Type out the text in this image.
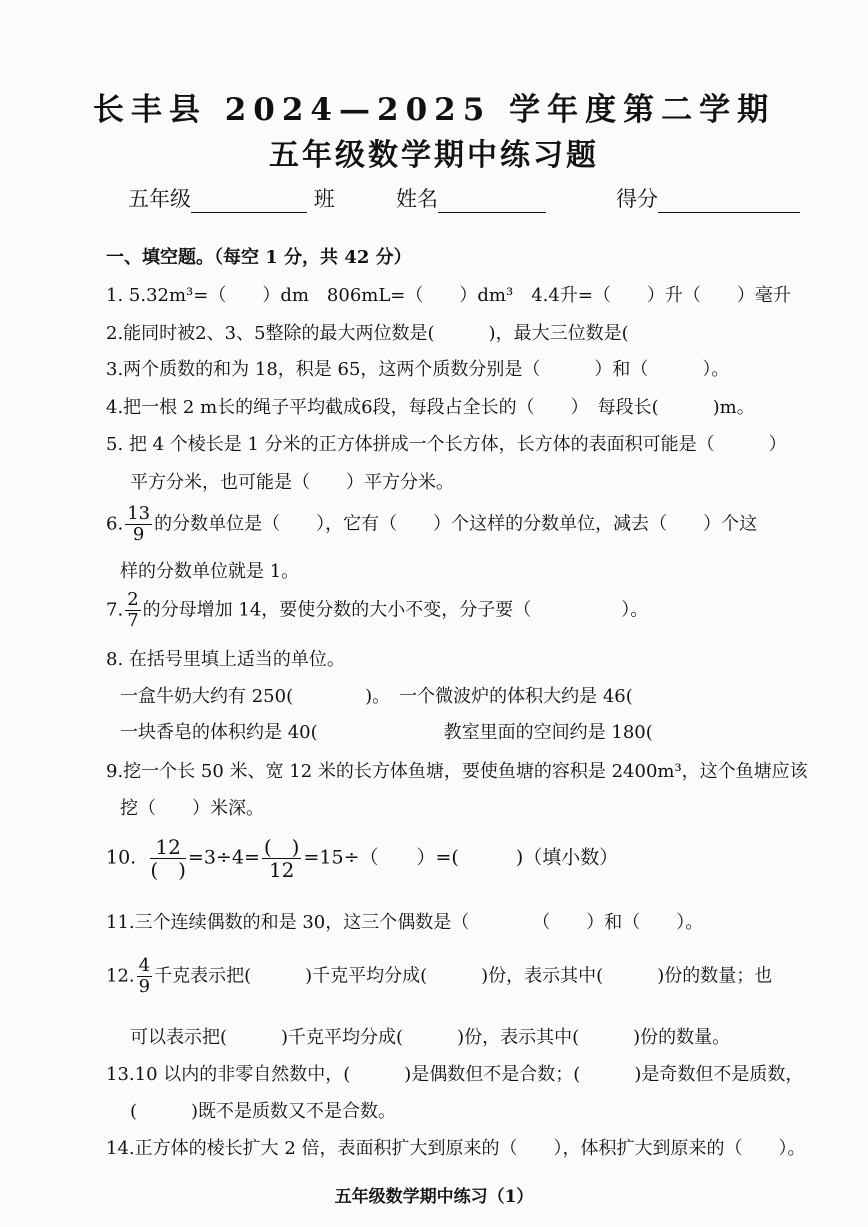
长丰县 2024—2025 学年度第二学期
五年级数学期中练习题
五年级	班	姓名	得分
一、填空题。（每空 1 分，共 42 分）
1. 5.32m³=（　　）dm　806mL=（　　）dm³　4.4升=（　　）升（　　）毫升
2.能同时被2、3、5整除的最大两位数是(　　　)，最大三位数是(
3.两个质数的和为 18，积是 65，这两个质数分别是（　　　）和（　　　）。
4.把一根 2 m长的绳子平均截成6段，每段占全长的（　　）　每段长(　　　)m。
5. 把 4 个棱长是 1 分米的正方体拼成一个长方体，长方体的表面积可能是（　　　）
平方分米，也可能是（　　）平方分米。
6. $\frac{13}{9}$ 的分数单位是（　　），它有（　　）个这样的分数单位，减去（　　）个这
样的分数单位就是 1。
7. $\frac{2}{7}$ 的分母增加 14，要使分数的大小不变，分子要（　　　　　）。
8. 在括号里填上适当的单位。
一盒牛奶大约有 250(　　　　)。　一个微波炉的体积大约是 46(
一块香皂的体积约是 40(　　　　　　　教室里面的空间约是 180(
9.挖一个长 50 米、宽 12 米的长方体鱼塘，要使鱼塘的容积是 2400m³，这个鱼塘应该
挖（　　）米深。
10. $\frac{12}{( )} =3\div 4= \frac{( )}{12} =15\div$（　　）=(　　　)（填小数）
11.三个连续偶数的和是 30，这三个偶数是（　　　　（　　）和（　　）。
12. $\frac{4}{9}$ 千克表示把(　　　)千克平均分成(　　　)份，表示其中(　　　)份的数量；也
可以表示把(　　　)千克平均分成(　　　)份，表示其中(　　　)份的数量。
13.10 以内的非零自然数中，(　　　)是偶数但不是合数；(　　　)是奇数但不是质数，
(　　　)既不是质数又不是合数。
14.正方体的棱长扩大 2 倍，表面积扩大到原来的（　　），体积扩大到原来的（　　）。
五年级数学期中练习（1）
